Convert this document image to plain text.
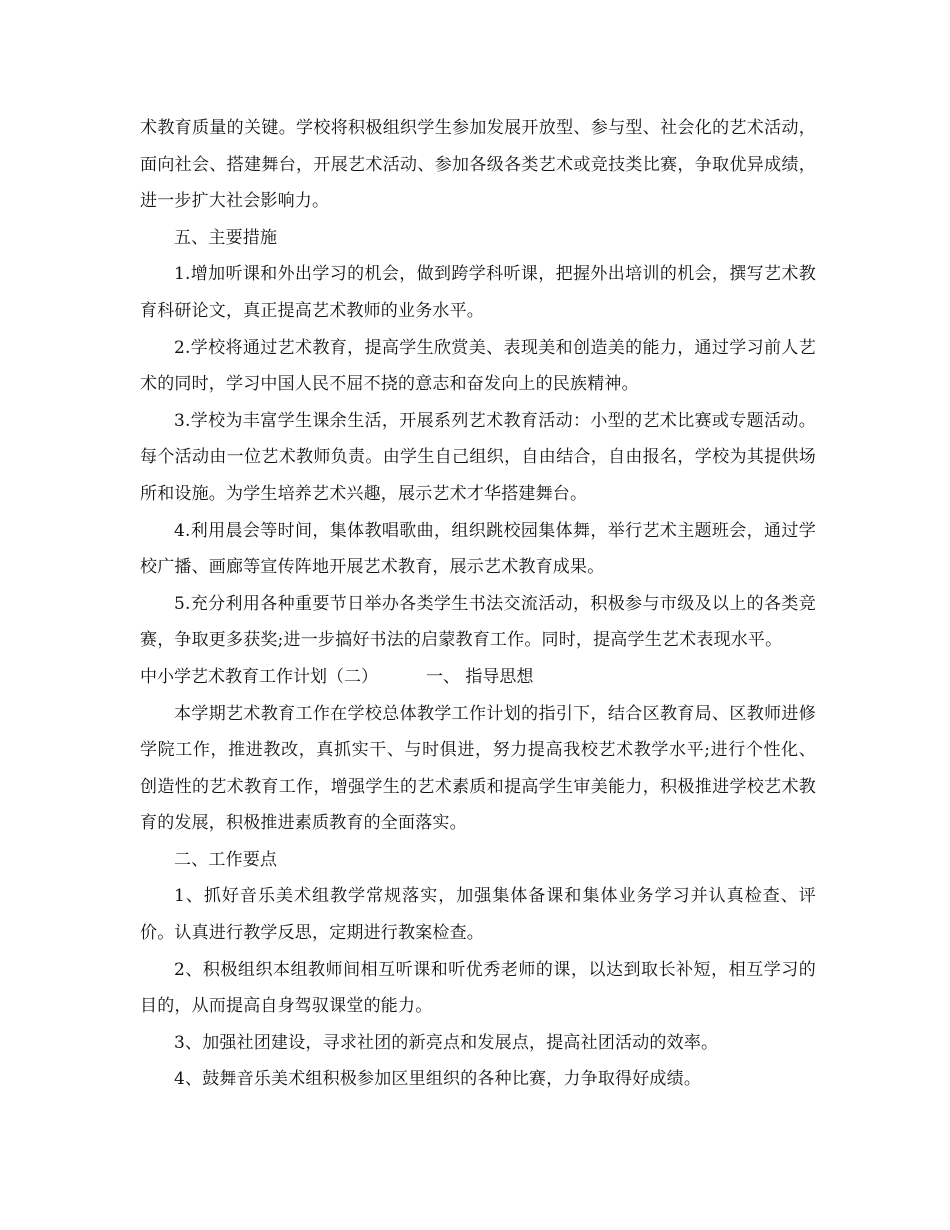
术教育质量的关键。学校将积极组织学生参加发展开放型、参与型、社会化的艺术活动，面向社会、搭建舞台，开展艺术活动、参加各级各类艺术或竞技类比赛，争取优异成绩，进一步扩大社会影响力。

五、主要措施

1.增加听课和外出学习的机会，做到跨学科听课，把握外出培训的机会，撰写艺术教育科研论文，真正提高艺术教师的业务水平。

2.学校将通过艺术教育，提高学生欣赏美、表现美和创造美的能力，通过学习前人艺术的同时，学习中国人民不屈不挠的意志和奋发向上的民族精神。

3.学校为丰富学生课余生活，开展系列艺术教育活动：小型的艺术比赛或专题活动。每个活动由一位艺术教师负责。由学生自己组织，自由结合，自由报名，学校为其提供场所和设施。为学生培养艺术兴趣，展示艺术才华搭建舞台。

4.利用晨会等时间，集体教唱歌曲，组织跳校园集体舞，举行艺术主题班会，通过学校广播、画廊等宣传阵地开展艺术教育，展示艺术教育成果。

5.充分利用各种重要节日举办各类学生书法交流活动，积极参与市级及以上的各类竞赛，争取更多获奖;进一步搞好书法的启蒙教育工作。同时，提高学生艺术表现水平。

中小学艺术教育工作计划（二）	一、 指导思想

本学期艺术教育工作在学校总体教学工作计划的指引下，结合区教育局、区教师进修学院工作，推进教改，真抓实干、与时俱进，努力提高我校艺术教学水平;进行个性化、创造性的艺术教育工作，增强学生的艺术素质和提高学生审美能力，积极推进学校艺术教育的发展，积极推进素质教育的全面落实。

二、工作要点

1、抓好音乐美术组教学常规落实，加强集体备课和集体业务学习并认真检查、评价。认真进行教学反思，定期进行教案检查。

2、积极组织本组教师间相互听课和听优秀老师的课，以达到取长补短，相互学习的目的，从而提高自身驾驭课堂的能力。

3、加强社团建设，寻求社团的新亮点和发展点，提高社团活动的效率。

4、鼓舞音乐美术组积极参加区里组织的各种比赛，力争取得好成绩。
